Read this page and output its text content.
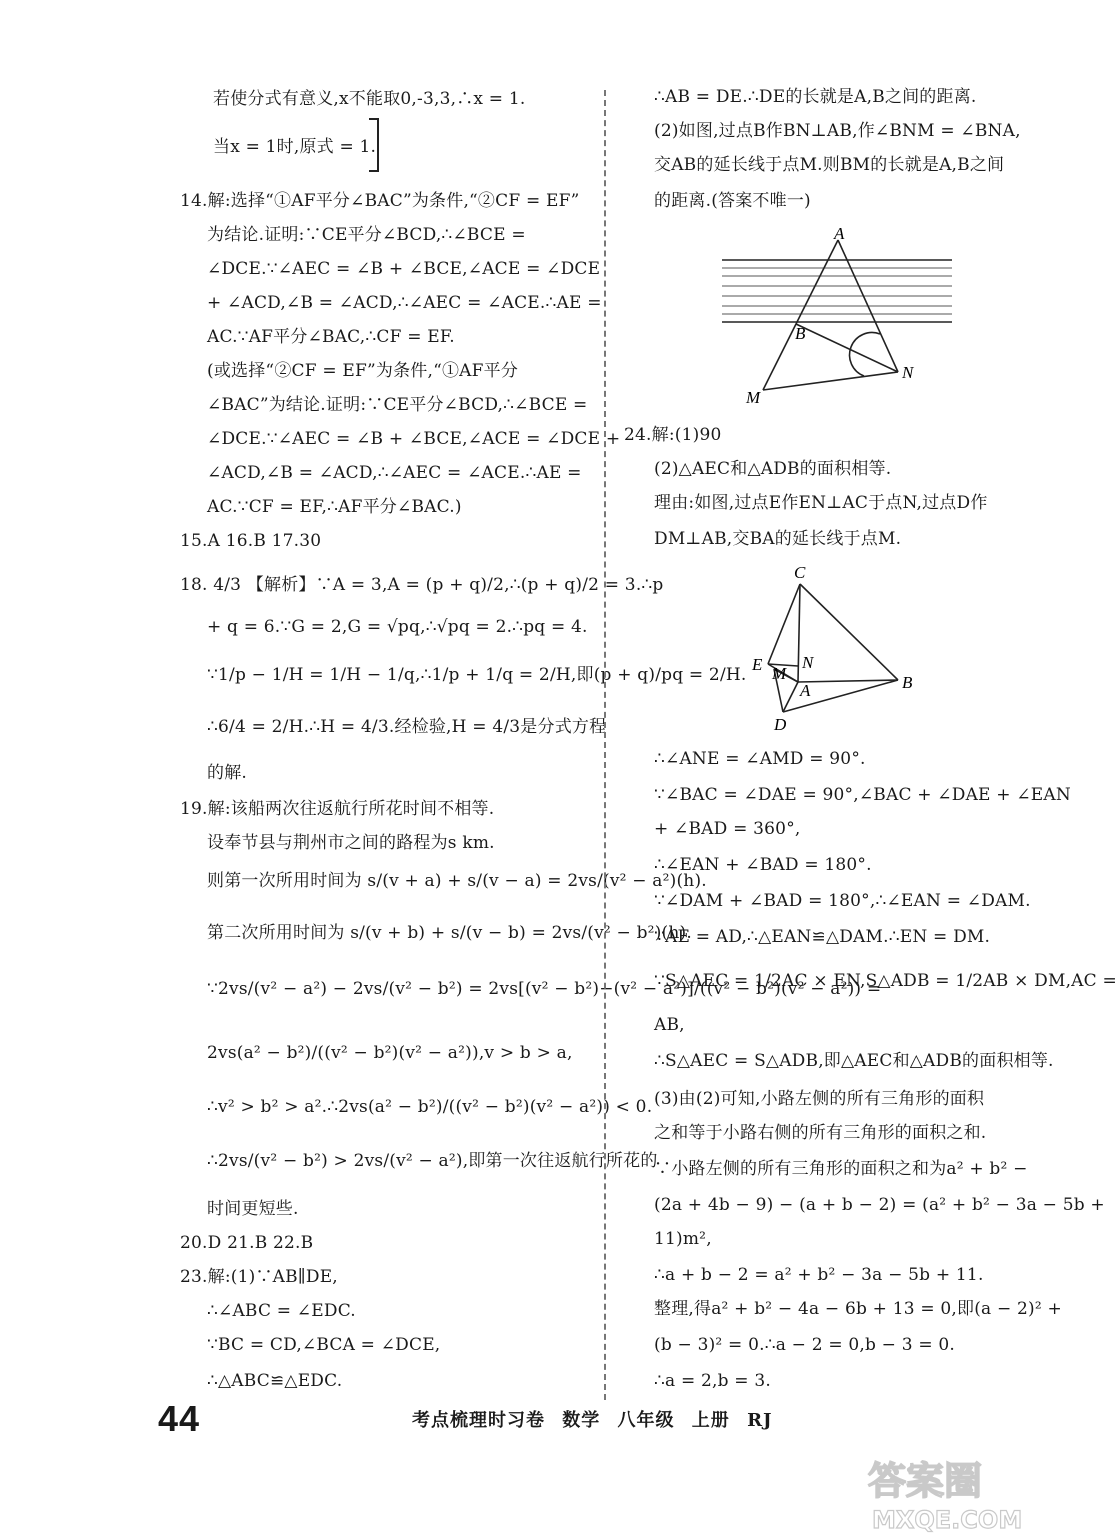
若使分式有意义,x不能取0,-3,3,∴x = 1.
当x = 1时,原式 = 1.
14.解:选择“①AF平分∠BAC”为条件,“②CF = EF”
为结论.证明:∵CE平分∠BCD,∴∠BCE =
∠DCE.∵∠AEC = ∠B + ∠BCE,∠ACE = ∠DCE
+ ∠ACD,∠B = ∠ACD,∴∠AEC = ∠ACE.∴AE =
AC.∵AF平分∠BAC,∴CF = EF.
(或选择“②CF = EF”为条件,“①AF平分
∠BAC”为结论.证明:∵CE平分∠BCD,∴∠BCE =
∠DCE.∵∠AEC = ∠B + ∠BCE,∠ACE = ∠DCE +
∠ACD,∠B = ∠ACD,∴∠AEC = ∠ACE.∴AE =
AC.∵CF = EF,∴AF平分∠BAC.)
15.A 16.B 17.30
18. 4/3 【解析】∵A = 3,A = (p + q)/2,∴(p + q)/2 = 3.∴p
+ q = 6.∵G = 2,G = √pq,∴√pq = 2.∴pq = 4.
∵1/p − 1/H = 1/H − 1/q,∴1/p + 1/q = 2/H,即(p + q)/pq = 2/H.
∴6/4 = 2/H.∴H = 4/3.经检验,H = 4/3是分式方程
的解.
19.解:该船两次往返航行所花时间不相等.
设奉节县与荆州市之间的路程为s km.
则第一次所用时间为 s/(v + a) + s/(v − a) = 2vs/(v² − a²)(h).
第二次所用时间为 s/(v + b) + s/(v − b) = 2vs/(v² − b²)(h).
∵2vs/(v² − a²) − 2vs/(v² − b²) = 2vs[(v² − b²)−(v² − a²)]/((v² − b²)(v² − a²)) =
2vs(a² − b²)/((v² − b²)(v² − a²)),v > b > a,
∴v² > b² > a².∴2vs(a² − b²)/((v² − b²)(v² − a²)) < 0.
∴2vs/(v² − b²) > 2vs/(v² − a²),即第一次往返航行所花的
时间更短些.
20.D 21.B 22.B
23.解:(1)∵AB∥DE,
∴∠ABC = ∠EDC.
∵BC = CD,∠BCA = ∠DCE,
∴△ABC≌△EDC.
∴AB = DE.∴DE的长就是A,B之间的距离.
(2)如图,过点B作BN⊥AB,作∠BNM = ∠BNA,
交AB的延长线于点M.则BM的长就是A,B之间
的距离.(答案不唯一)
24.解:(1)90
(2)△AEC和△ADB的面积相等.
理由:如图,过点E作EN⊥AC于点N,过点D作
DM⊥AB,交BA的延长线于点M.
∴∠ANE = ∠AMD = 90°.
∵∠BAC = ∠DAE = 90°,∠BAC + ∠DAE + ∠EAN
+ ∠BAD = 360°,
∴∠EAN + ∠BAD = 180°.
∵∠DAM + ∠BAD = 180°,∴∠EAN = ∠DAM.
∵AE = AD,∴△EAN≌△DAM.∴EN = DM.
∵S△AEC = 1/2AC × EN,S△ADB = 1/2AB × DM,AC =
AB,
∴S△AEC = S△ADB,即△AEC和△ADB的面积相等.
(3)由(2)可知,小路左侧的所有三角形的面积
之和等于小路右侧的所有三角形的面积之和.
∵小路左侧的所有三角形的面积之和为a² + b² −
(2a + 4b − 9) − (a + b − 2) = (a² + b² − 3a − 5b +
11)m²,
∴a + b − 2 = a² + b² − 3a − 5b + 11.
整理,得a² + b² − 4a − 6b + 13 = 0,即(a − 2)² +
(b − 3)² = 0.∴a − 2 = 0,b − 3 = 0.
∴a = 2,b = 3.
A
B
N
M
C
E N
M
A	B
D
44	考点梳理时习卷 数学 八年级 上册 RJ
答案圈
MXQE.COM
